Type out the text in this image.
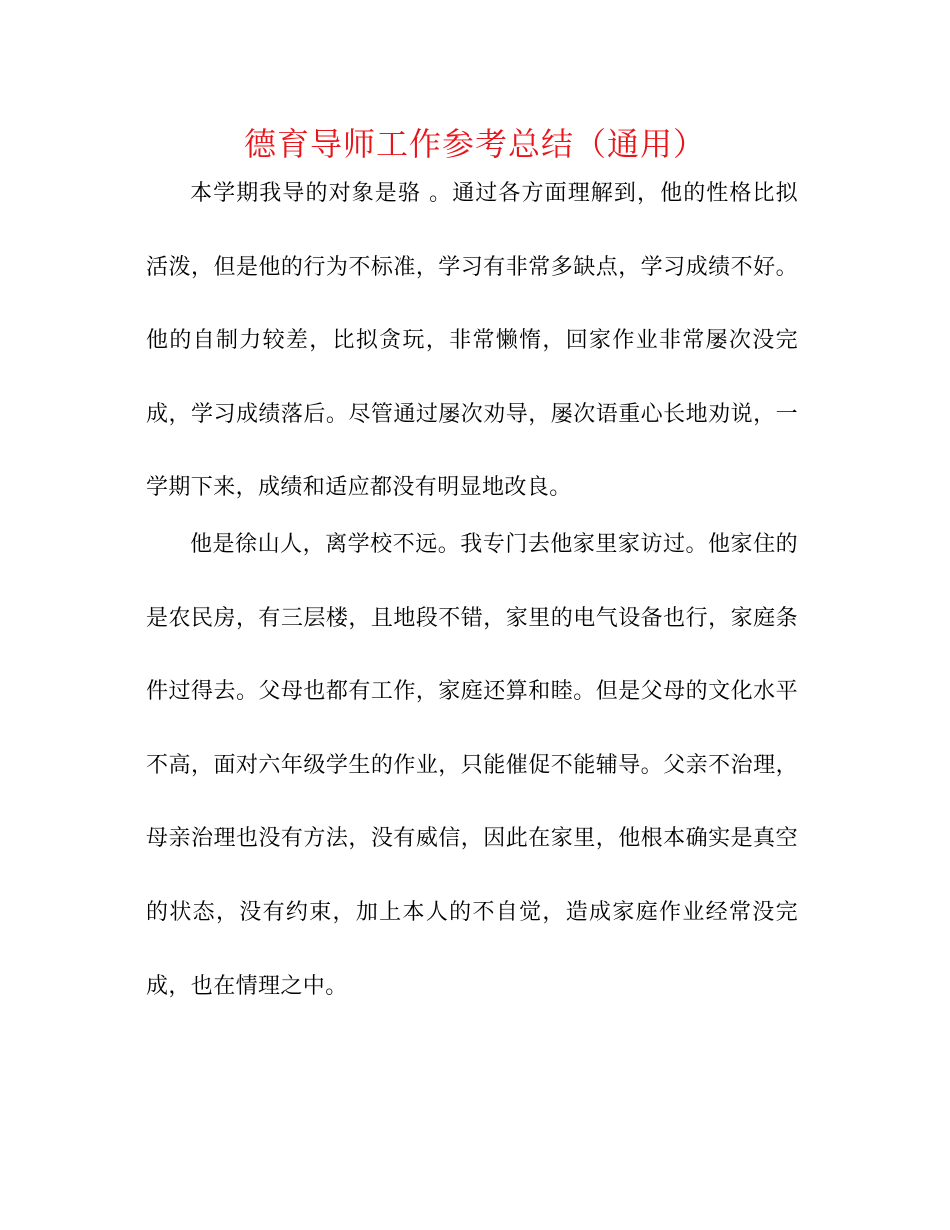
德育导师工作参考总结（通用）

本学期我导的对象是骆 。通过各方面理解到，他的性格比拟活泼，但是他的行为不标准，学习有非常多缺点，学习成绩不好。他的自制力较差，比拟贪玩，非常懒惰，回家作业非常屡次没完成，学习成绩落后。尽管通过屡次劝导，屡次语重心长地劝说，一学期下来，成绩和适应都没有明显地改良。

他是徐山人，离学校不远。我专门去他家里家访过。他家住的是农民房，有三层楼，且地段不错，家里的电气设备也行，家庭条件过得去。父母也都有工作，家庭还算和睦。但是父母的文化水平不高，面对六年级学生的作业，只能催促不能辅导。父亲不治理，母亲治理也没有方法，没有威信，因此在家里，他根本确实是真空的状态，没有约束，加上本人的不自觉，造成家庭作业经常没完成，也在情理之中。
